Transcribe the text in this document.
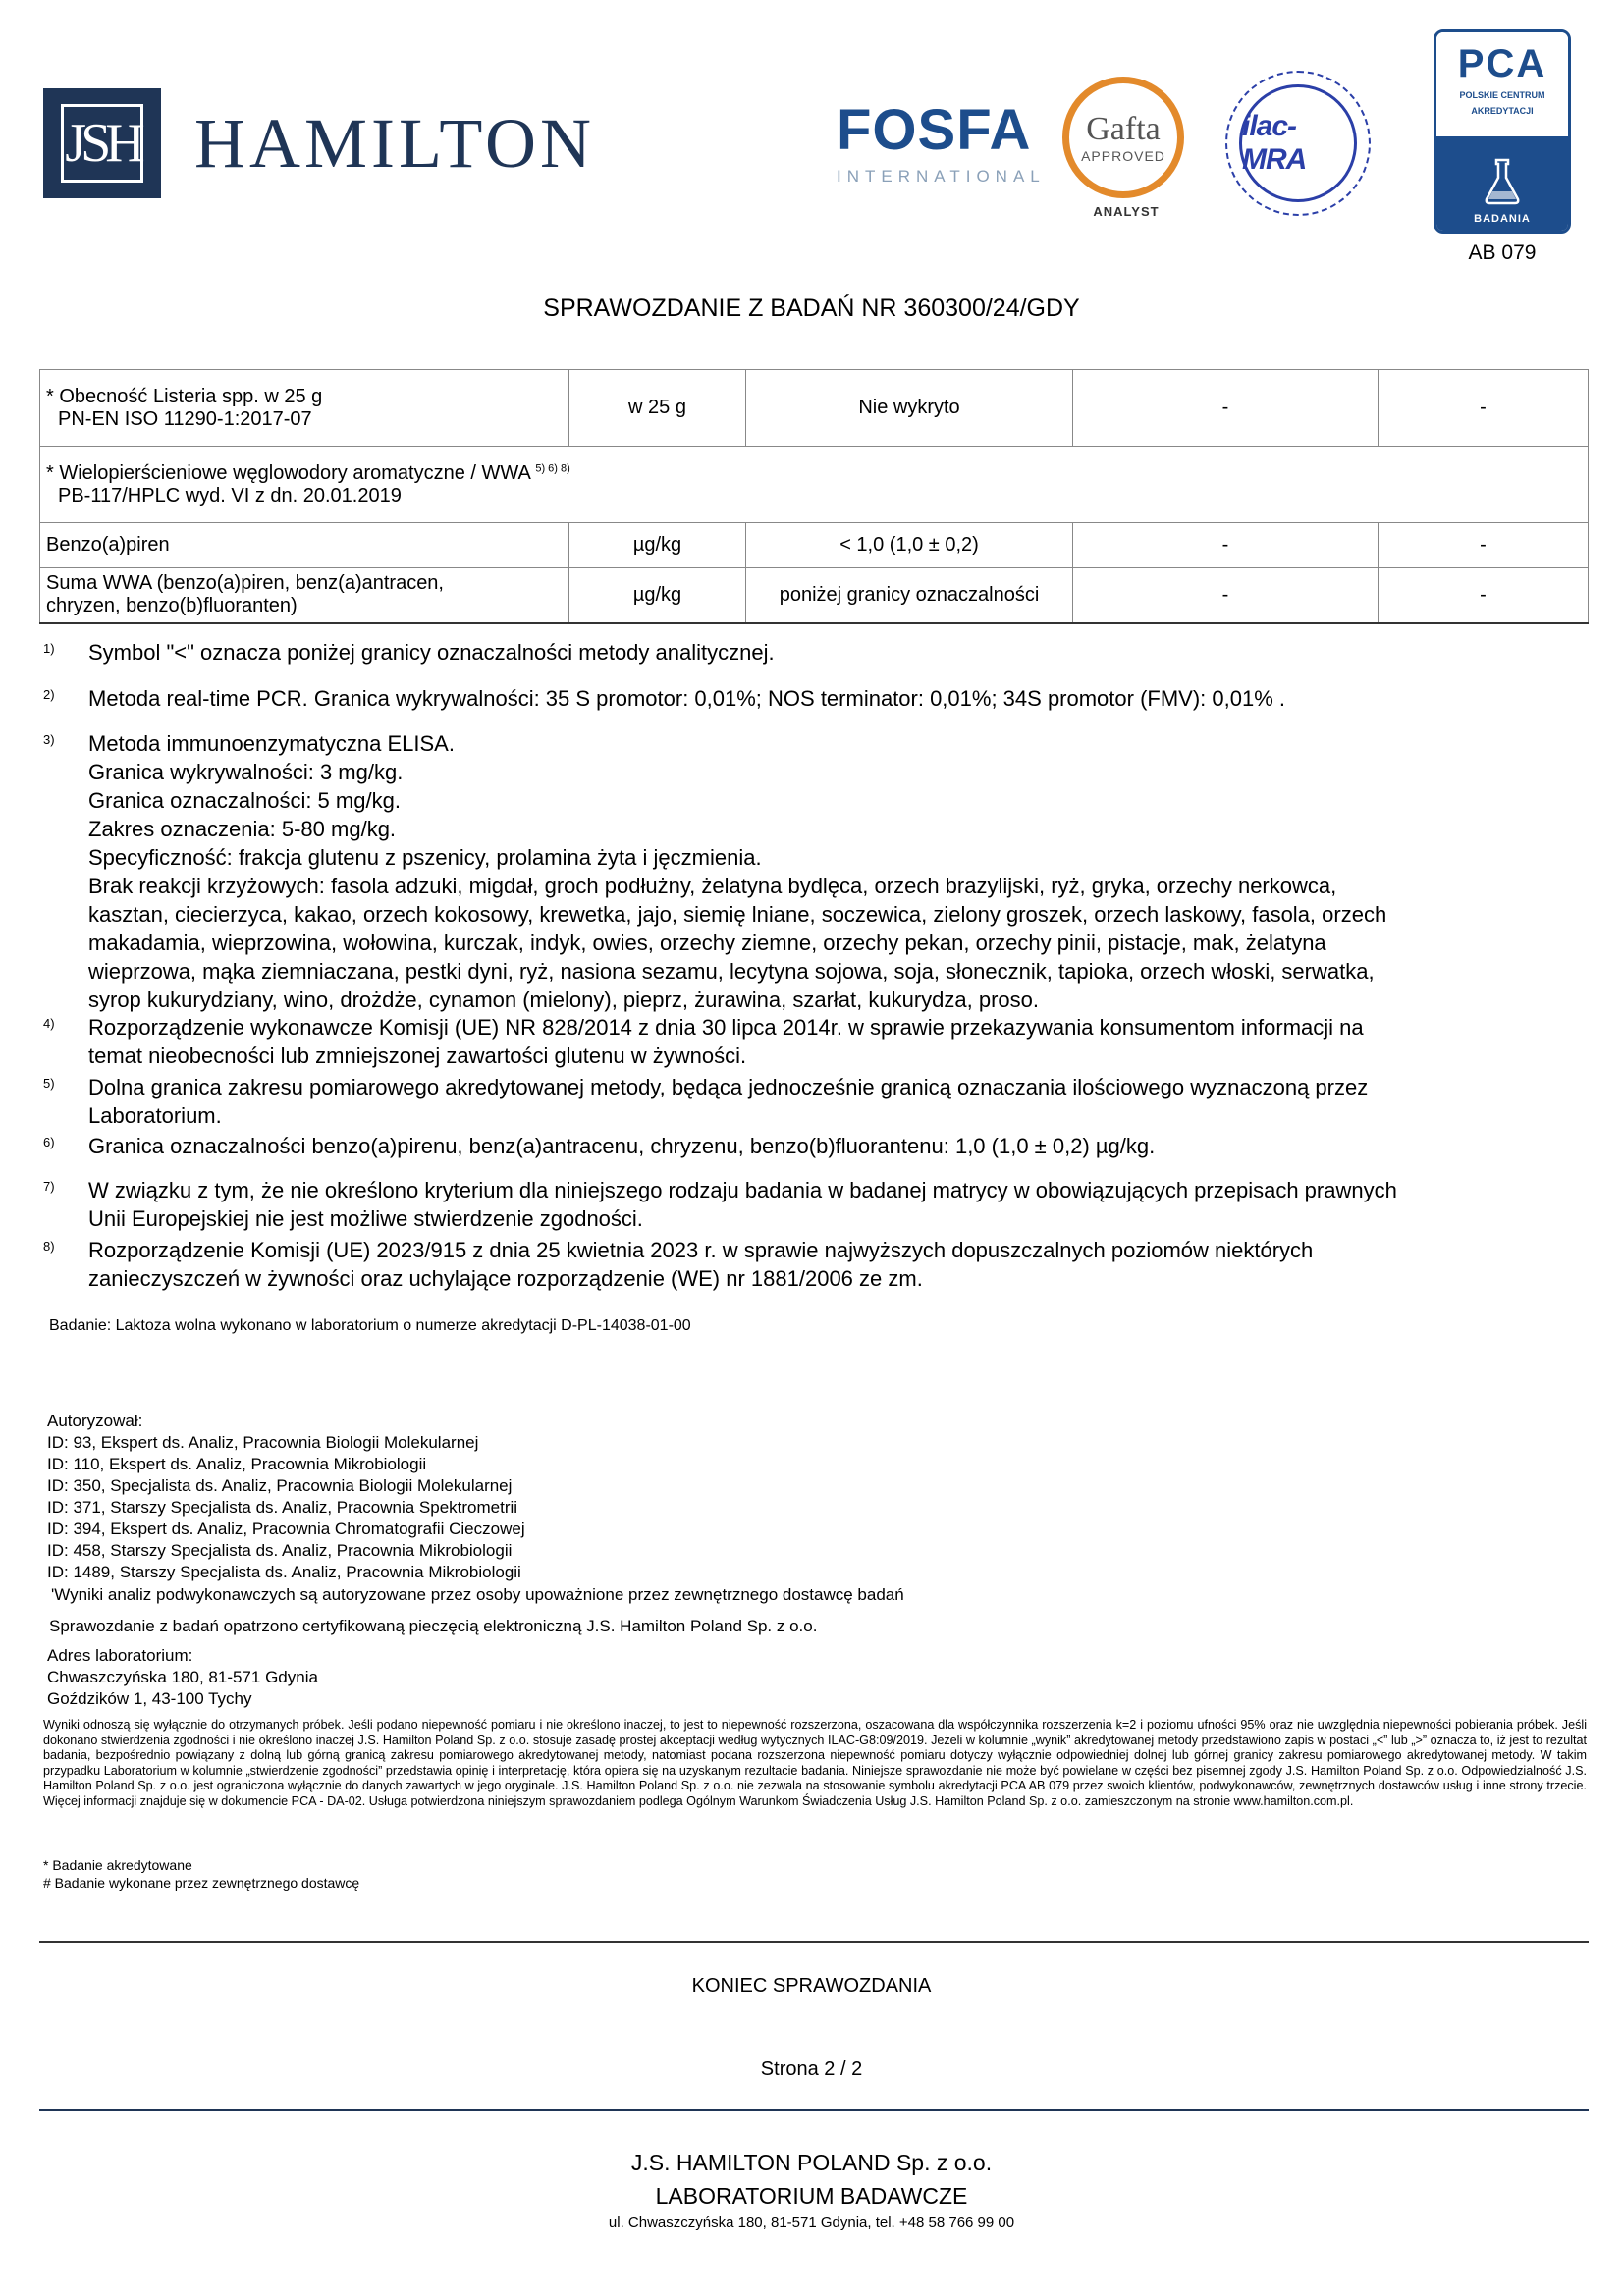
JSH HAMILTON	FOSFA
INTERNATIONAL
Gafta
APPROVED
ANALYST
ilac-MRA
PCA
POLSKIE CENTRUM
AKREDYTACJI
BADANIA
AB 079
SPRAWOZDANIE Z BADAŃ NR 360300/24/GDY
* Obecność Listeria spp. w 25 g
PN-EN ISO 11290-1:2017-07	w 25 g	Nie wykryto	-	-

* Wielopierścieniowe węglowodory aromatyczne / WWA $^{5) 6) 8)}$
PB-117/HPLC wyd. VI z dn. 20.01.2019				

Benzo(a)piren	µg/kg	< 1,0 (1,0 ± 0,2)	-	-

Suma WWA (benzo(a)piren, benz(a)antracen,
chryzen, benzo(b)fluoranten)	µg/kg	poniżej granicy oznaczalności	-	-
1) Symbol "<" oznacza poniżej granicy oznaczalności metody analitycznej.
2) Metoda real-time PCR. Granica wykrywalności: 35 S promotor: 0,01%; NOS terminator: 0,01%; 34S promotor (FMV): 0,01% .
3) Metoda immunoenzymatyczna ELISA.
Granica wykrywalności: 3 mg/kg.
Granica oznaczalności: 5 mg/kg.
Zakres oznaczenia: 5-80 mg/kg.
Specyficzność: frakcja glutenu z pszenicy, prolamina żyta i jęczmienia.
Brak reakcji krzyżowych: fasola adzuki, migdał, groch podłużny, żelatyna bydlęca, orzech brazylijski, ryż, gryka, orzechy nerkowca,
kasztan, ciecierzyca, kakao, orzech kokosowy, krewetka, jajo, siemię lniane, soczewica, zielony groszek, orzech laskowy, fasola, orzech
makadamia, wieprzowina, wołowina, kurczak, indyk, owies, orzechy ziemne, orzechy pekan, orzechy pinii, pistacje, mak, żelatyna
wieprzowa, mąka ziemniaczana, pestki dyni, ryż, nasiona sezamu, lecytyna sojowa, soja, słonecznik, tapioka, orzech włoski, serwatka,
syrop kukurydziany, wino, drożdże, cynamon (mielony), pieprz, żurawina, szarłat, kukurydza, proso.
4) Rozporządzenie wykonawcze Komisji (UE) NR 828/2014 z dnia 30 lipca 2014r. w sprawie przekazywania konsumentom informacji na
temat nieobecności lub zmniejszonej zawartości glutenu w żywności.
5) Dolna granica zakresu pomiarowego akredytowanej metody, będąca jednocześnie granicą oznaczania ilościowego wyznaczoną przez
Laboratorium.
6) Granica oznaczalności benzo(a)pirenu, benz(a)antracenu, chryzenu, benzo(b)fluorantenu: 1,0 (1,0 ± 0,2) µg/kg.
7) W związku z tym, że nie określono kryterium dla niniejszego rodzaju badania w badanej matrycy w obowiązujących przepisach prawnych
Unii Europejskiej nie jest możliwe stwierdzenie zgodności.
8) Rozporządzenie Komisji (UE) 2023/915 z dnia 25 kwietnia 2023 r. w sprawie najwyższych dopuszczalnych poziomów niektórych
zanieczyszczeń w żywności oraz uchylające rozporządzenie (WE) nr 1881/2006 ze zm.
Badanie: Laktoza wolna wykonano w laboratorium o numerze akredytacji D-PL-14038-01-00
Autoryzował:
ID: 93, Ekspert ds. Analiz, Pracownia Biologii Molekularnej
ID: 110, Ekspert ds. Analiz, Pracownia Mikrobiologii
ID: 350, Specjalista ds. Analiz, Pracownia Biologii Molekularnej
ID: 371, Starszy Specjalista ds. Analiz, Pracownia Spektrometrii
ID: 394, Ekspert ds. Analiz, Pracownia Chromatografii Cieczowej
ID: 458, Starszy Specjalista ds. Analiz, Pracownia Mikrobiologii
ID: 1489, Starszy Specjalista ds. Analiz, Pracownia Mikrobiologii
'Wyniki analiz podwykonawczych są autoryzowane przez osoby upoważnione przez zewnętrznego dostawcę badań
Sprawozdanie z badań opatrzono certyfikowaną pieczęcią elektroniczną J.S. Hamilton Poland Sp. z o.o.
Adres laboratorium:
Chwaszczyńska 180, 81-571 Gdynia
Goździków 1, 43-100 Tychy
Wyniki odnoszą się wyłącznie do otrzymanych próbek. Jeśli podano niepewność pomiaru i nie określono inaczej, to jest to niepewność rozszerzona, oszacowana dla współczynnika rozszerzenia k=2 i poziomu ufności 95% oraz nie uwzględnia niepewności pobierania próbek. Jeśli dokonano stwierdzenia zgodności i nie określono inaczej J.S. Hamilton Poland Sp. z o.o. stosuje zasadę prostej akceptacji według wytycznych ILAC-G8:09/2019. Jeżeli w kolumnie „wynik” akredytowanej metody przedstawiono zapis w postaci „<” lub „>” oznacza to, iż jest to rezultat badania, bezpośrednio powiązany z dolną lub górną granicą zakresu pomiarowego akredytowanej metody, natomiast podana rozszerzona niepewność pomiaru dotyczy wyłącznie odpowiedniej dolnej lub górnej granicy zakresu pomiarowego akredytowanej metody. W takim przypadku Laboratorium w kolumnie „stwierdzenie zgodności” przedstawia opinię i interpretację, która opiera się na uzyskanym rezultacie badania. Niniejsze sprawozdanie nie może być powielane w części bez pisemnej zgody J.S. Hamilton Poland Sp. z o.o. Odpowiedzialność J.S. Hamilton Poland Sp. z o.o. jest ograniczona wyłącznie do danych zawartych w jego oryginale. J.S. Hamilton Poland Sp. z o.o. nie zezwala na stosowanie symbolu akredytacji PCA AB 079 przez swoich klientów, podwykonawców, zewnętrznych dostawców usług i inne strony trzecie. Więcej informacji znajduje się w dokumencie PCA - DA-02. Usługa potwierdzona niniejszym sprawozdaniem podlega Ogólnym Warunkom Świadczenia Usług J.S. Hamilton Poland Sp. z o.o. zamieszczonym na stronie www.hamilton.com.pl.
* Badanie akredytowane
# Badanie wykonane przez zewnętrznego dostawcę
KONIEC SPRAWOZDANIA
Strona 2 / 2
J.S. HAMILTON POLAND Sp. z o.o.
LABORATORIUM BADAWCZE
ul. Chwaszczyńska 180, 81-571 Gdynia, tel. +48 58 766 99 00
